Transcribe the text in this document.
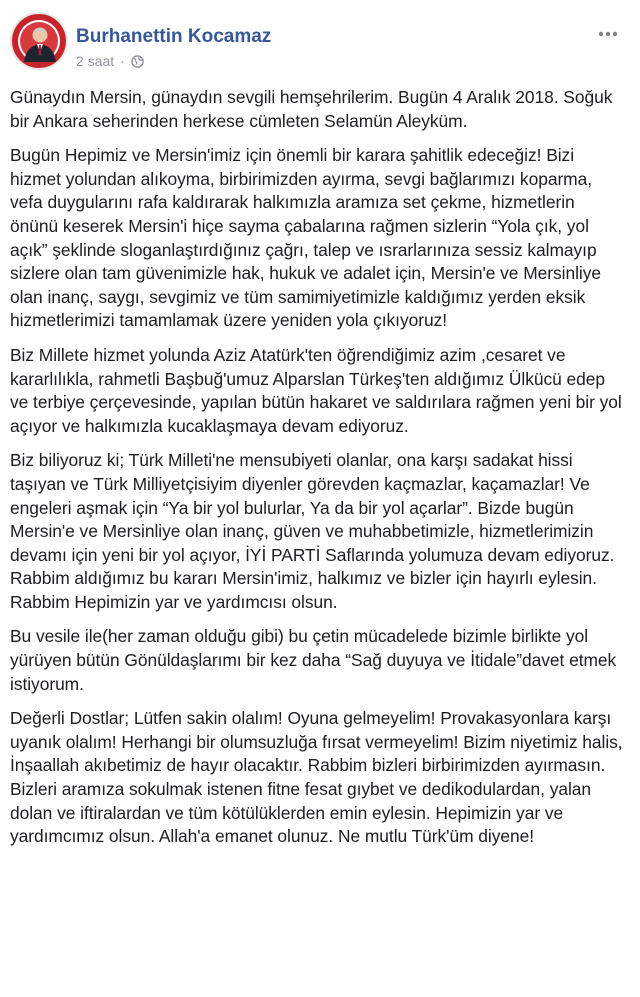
Burhanettin Kocamaz
2 saat ·

Günaydın Mersin, günaydın sevgili hemşehrilerim. Bugün 4 Aralık 2018. Soğuk bir Ankara seherinden herkese cümleten Selamün Aleyküm.

Bugün Hepimiz ve Mersin'imiz için önemli bir karara şahitlik edeceğiz! Bizi hizmet yolundan alıkoyma, birbirimizden ayırma, sevgi bağlarımızı koparma, vefa duygularını rafa kaldırarak halkımızla aramıza set çekme, hizmetlerin önünü keserek Mersin'i hiçe sayma çabalarına rağmen sizlerin “Yola çık, yol açık” şeklinde sloganlaştırdığınız çağrı, talep ve ısrarlarınıza sessiz kalmayıp sizlere olan tam güvenimizle hak, hukuk ve adalet için, Mersin'e ve Mersinliye olan inanç, saygı, sevgimiz ve tüm samimiyetimizle kaldığımız yerden eksik hizmetlerimizi tamamlamak üzere yeniden yola çıkıyoruz!

Biz Millete hizmet yolunda Aziz Atatürk'ten öğrendiğimiz azim ,cesaret ve kararlılıkla, rahmetli Başbuğ'umuz Alparslan Türkeş'ten aldığımız Ülkücü edep ve terbiye çerçevesinde, yapılan bütün hakaret ve saldırılara rağmen yeni bir yol açıyor ve halkımızla kucaklaşmaya devam ediyoruz.

Biz biliyoruz ki; Türk Milleti'ne mensubiyeti olanlar, ona karşı sadakat hissi taşıyan ve Türk Milliyetçisiyim diyenler görevden kaçmazlar, kaçamazlar! Ve engeleri aşmak için “Ya bir yol bulurlar, Ya da bir yol açarlar”. Bizde bugün Mersin'e ve Mersinliye olan inanç, güven ve muhabbetimizle, hizmetlerimizin devamı için yeni bir yol açıyor, İYİ PARTİ Saflarında yolumuza devam ediyoruz. Rabbim aldığımız bu kararı Mersin'imiz, halkımız ve bizler için hayırlı eylesin. Rabbim Hepimizin yar ve yardımcısı olsun.

Bu vesile ile(her zaman olduğu gibi) bu çetin mücadelede bizimle birlikte yol yürüyen bütün Gönüldaşlarımı bir kez daha “Sağ duyuya ve İtidale”davet etmek istiyorum.

Değerli Dostlar; Lütfen sakin olalım! Oyuna gelmeyelim! Provakasyonlara karşı uyanık olalım! Herhangi bir olumsuzluğa fırsat vermeyelim! Bizim niyetimiz halis, İnşaallah akıbetimiz de hayır olacaktır. Rabbim bizleri birbirimizden ayırmasın. Bizleri aramıza sokulmak istenen fitne fesat gıybet ve dedikodulardan, yalan dolan ve iftiralardan ve tüm kötülüklerden emin eylesin. Hepimizin yar ve yardımcımız olsun. Allah'a emanet olunuz. Ne mutlu Türk'üm diyene!
